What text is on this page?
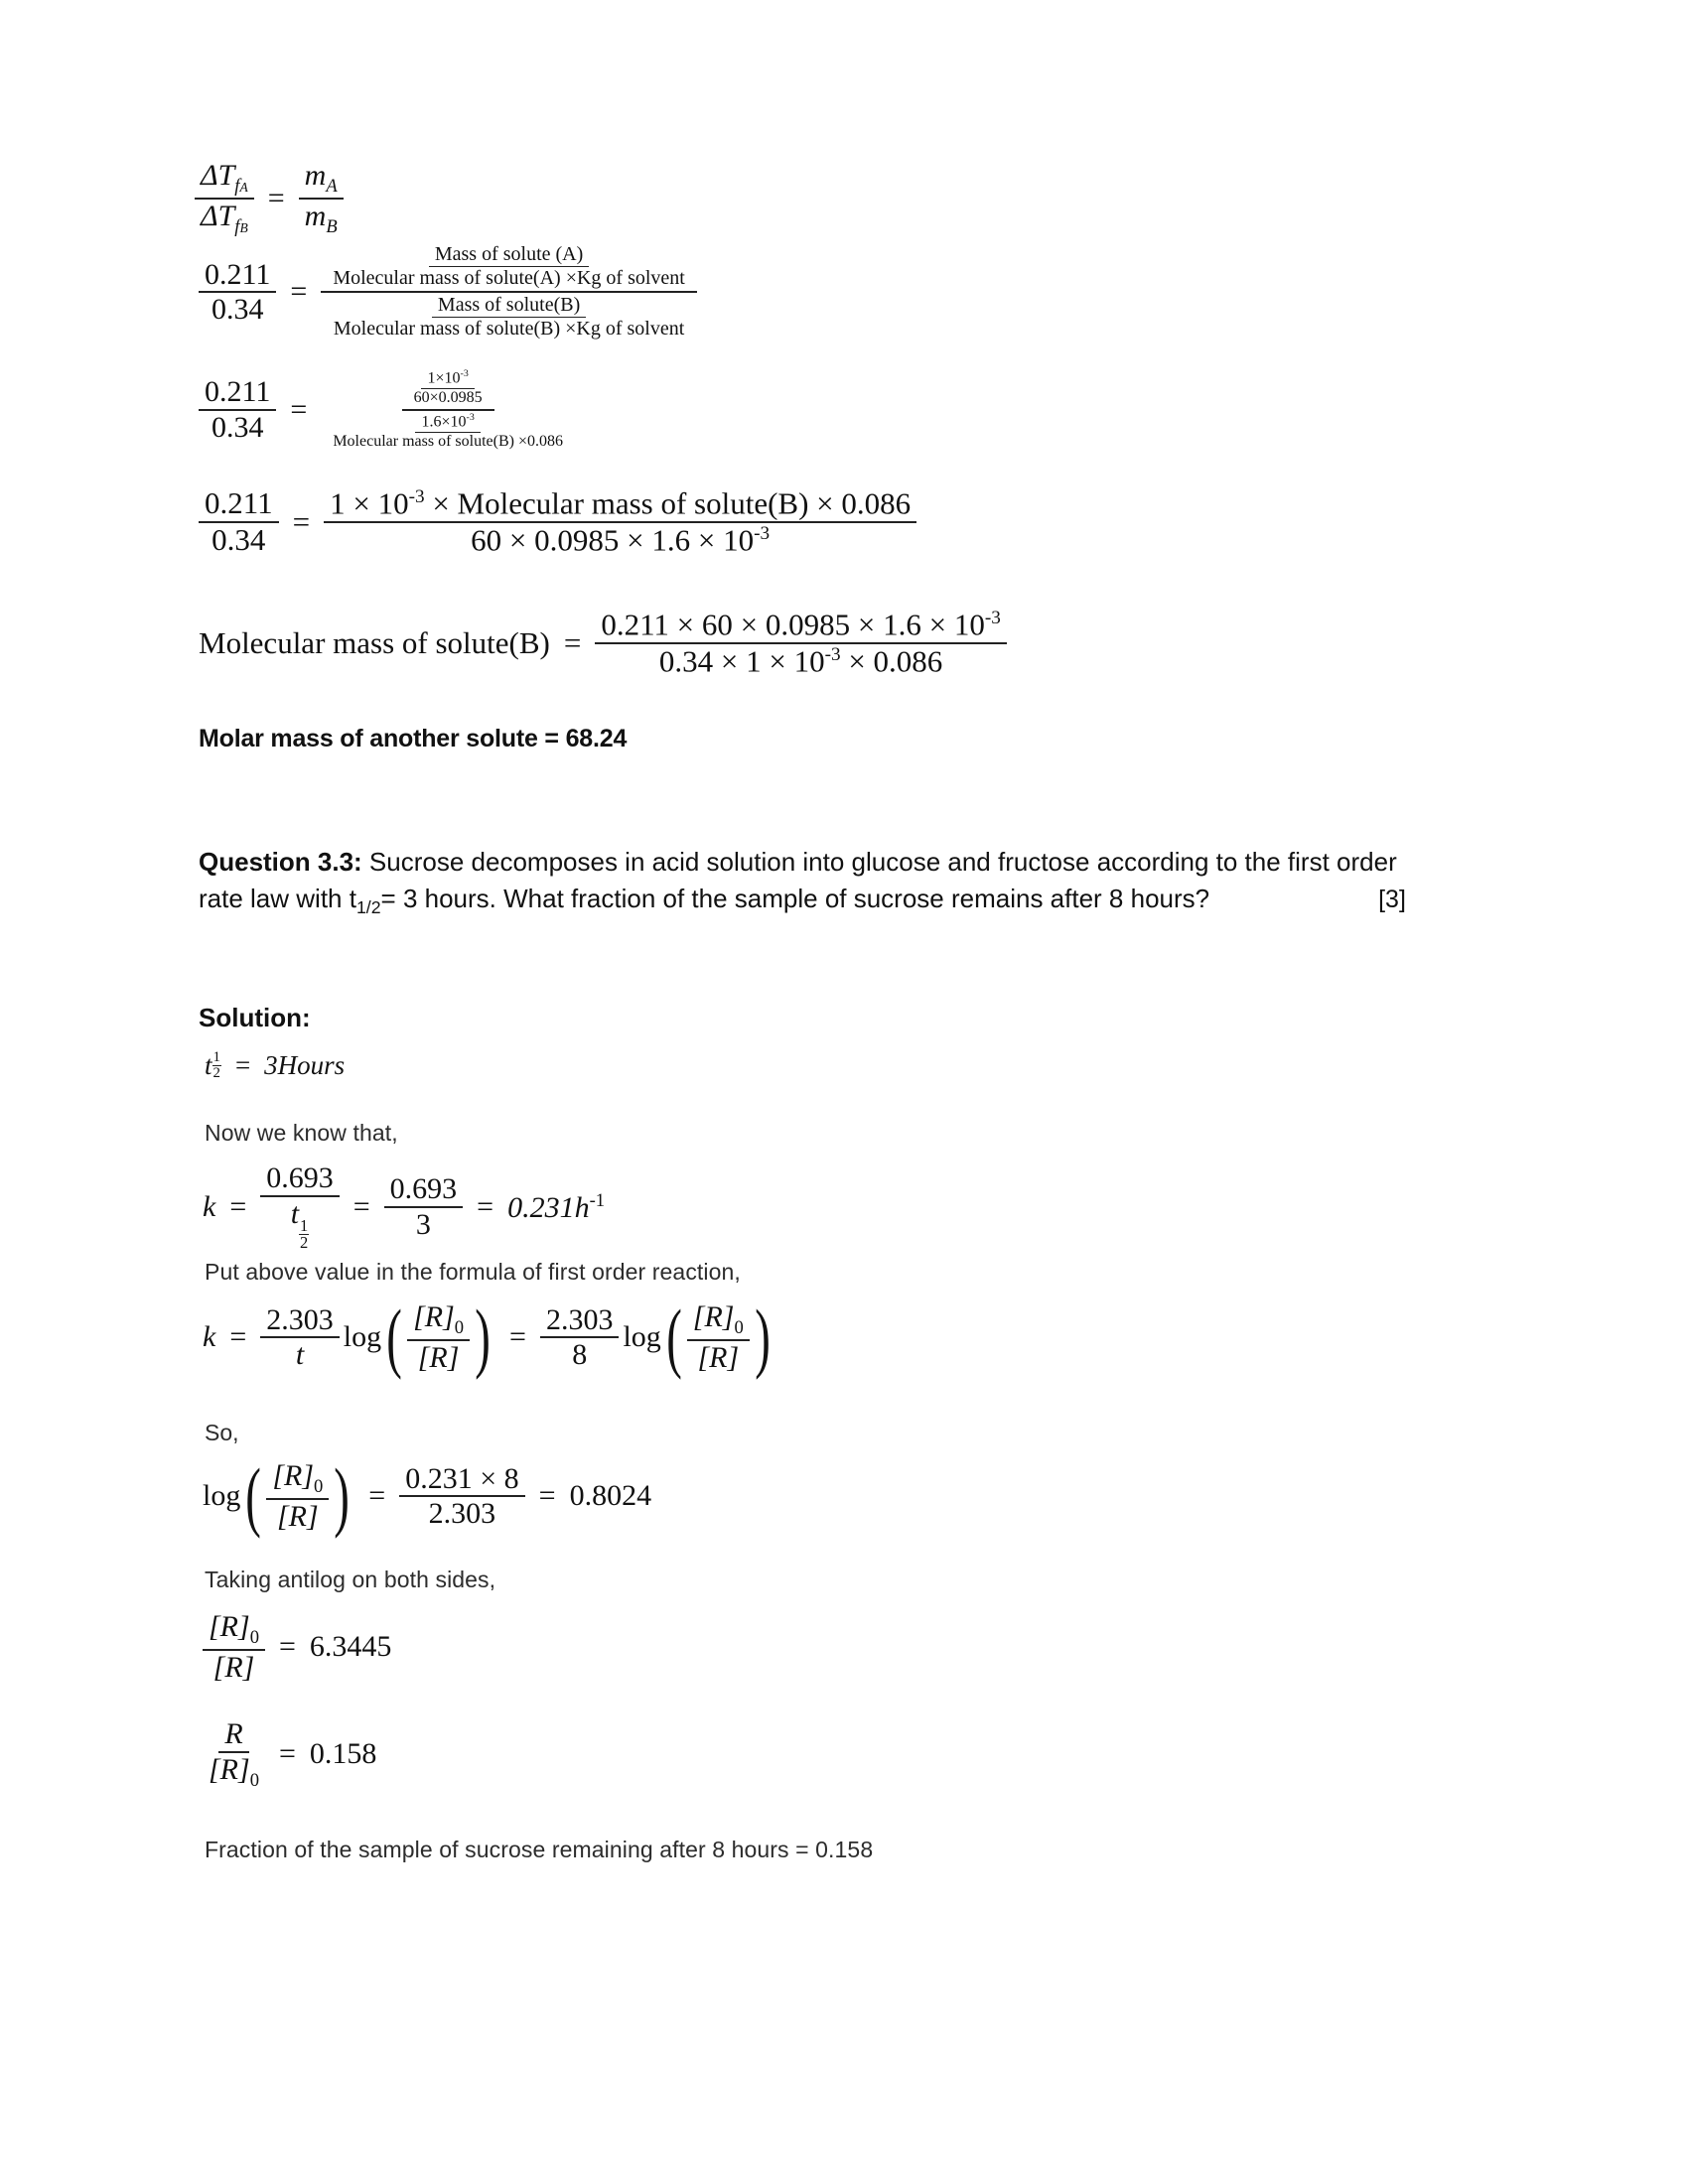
$\frac{\Delta T_{fA}}{\Delta T_{fB}}$
= $\frac{m_A}{m_B}$
$\frac{0.211}{0.34}$
=	$\frac{\text{Mass of solute (A)}}{\text{Molecular mass of solute(A) ×Kg of solvent}}$
$\frac{\text{Mass of solute(B)}}{\text{Molecular mass of solute(B) ×Kg of solvent}}$
$\frac{0.211}{0.34}$
=	$\frac{\frac{1\times 10^{-3}}{60\times 0.0985}}{\frac{1.6\times 10^{-3}}{\text{Molecular mass of solute(B) ×0.086}}}$
$\frac{0.211}{0.34}$
= $\frac{1 \times 10^{-3} \times Molecular mass of solute(B) \times 0.086}{60 \times 0.0985 \times 1.6 \times 10^{-3}}$
Molecular mass of solute(B)
= $\frac{0.211 \times 60 \times 0.0985 \times 1.6 \times 10^{-3}}{0.34 \times 1 \times 10^{-3} \times 0.086}$
Molar mass of another solute = 68.24
Question 3.3: Sucrose decomposes in acid solution into glucose and fructose according to the first order rate law with $t_{1/2}= 3$ hours. What fraction of the sample of sucrose remains after 8 hours?	[3]
Solution:
t $\frac{1}{2}$ = 3Hours
Now we know that,
k
= 0.693
t
$\frac{1}{2}$
= $\frac{0.693}{3} = 0.231h^{-1}$
Put above value in the formula of first order reaction,
k
= $\frac{2.303}{t}$ log ( $\frac{[R]_0}{[R]}$ )
= $\frac{2.303}{8}$ log ( $\frac{[R]_0}{[R]}$ )
So,
log ( $\frac{[R]_0}{[R]}$ )
= $\frac{0.231 \times 8}{2.303} = 0.8024$
Taking antilog on both sides,
$\frac{[R]_0}{[R]} = 6.3445$
$\frac{R}{[R]_0} = 0.158$
Fraction of the sample of sucrose remaining after 8 hours = 0.158
